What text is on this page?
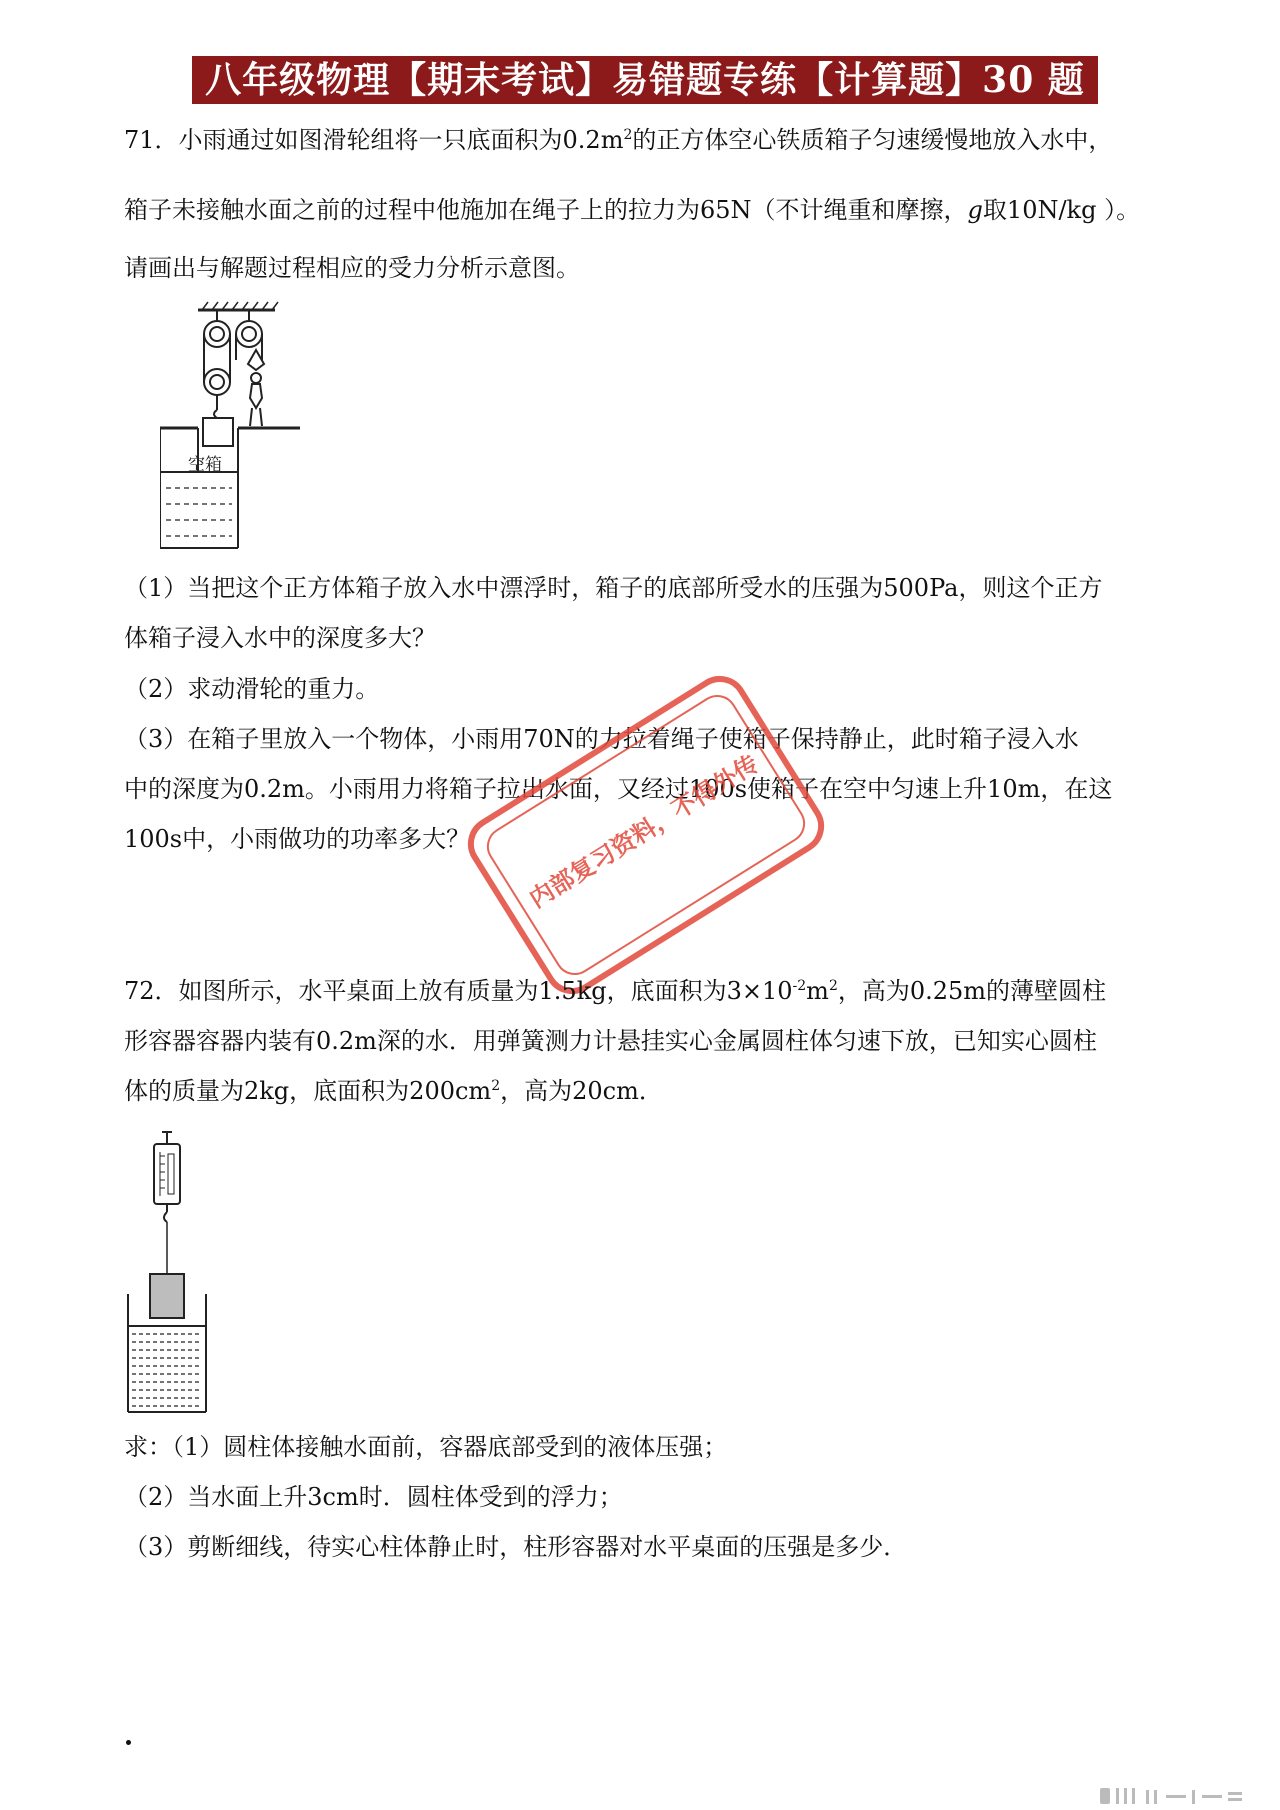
八年级物理【期末考试】易错题专练【计算题】30 题
71．小雨通过如图滑轮组将一只底面积为$0.2m^2$的正方体空心铁质箱子匀速缓慢地放入水中，
箱子未接触水面之前的过程中他施加在绳子上的拉力为65N（不计绳重和摩擦，g取10N/kg ）。
请画出与解题过程相应的受力分析示意图。
空箱
（1）当把这个正方体箱子放入水中漂浮时，箱子的底部所受水的压强为500Pa，则这个正方
体箱子浸入水中的深度多大？
（2）求动滑轮的重力。
（3）在箱子里放入一个物体，小雨用70N的力拉着绳子使箱子保持静止，此时箱子浸入水
中的深度为0.2m。小雨用力将箱子拉出水面，又经过100s使箱子在空中匀速上升10m，在这
100s中，小雨做功的功率多大？	内部复习资料，不得外传
72．如图所示，水平桌面上放有质量为1.5kg，底面积为$3\times 10^{-2}m^2$，高为0.25m的薄壁圆柱
形容器容器内装有0.2m深的水．用弹簧测力计悬挂实心金属圆柱体匀速下放，已知实心圆柱
体的质量为2kg，底面积为$200cm^2$，高为20cm．
求：（1）圆柱体接触水面前，容器底部受到的液体压强；
（2）当水面上升3cm时．圆柱体受到的浮力；
（3）剪断细线，待实心柱体静止时，柱形容器对水平桌面的压强是多少．
